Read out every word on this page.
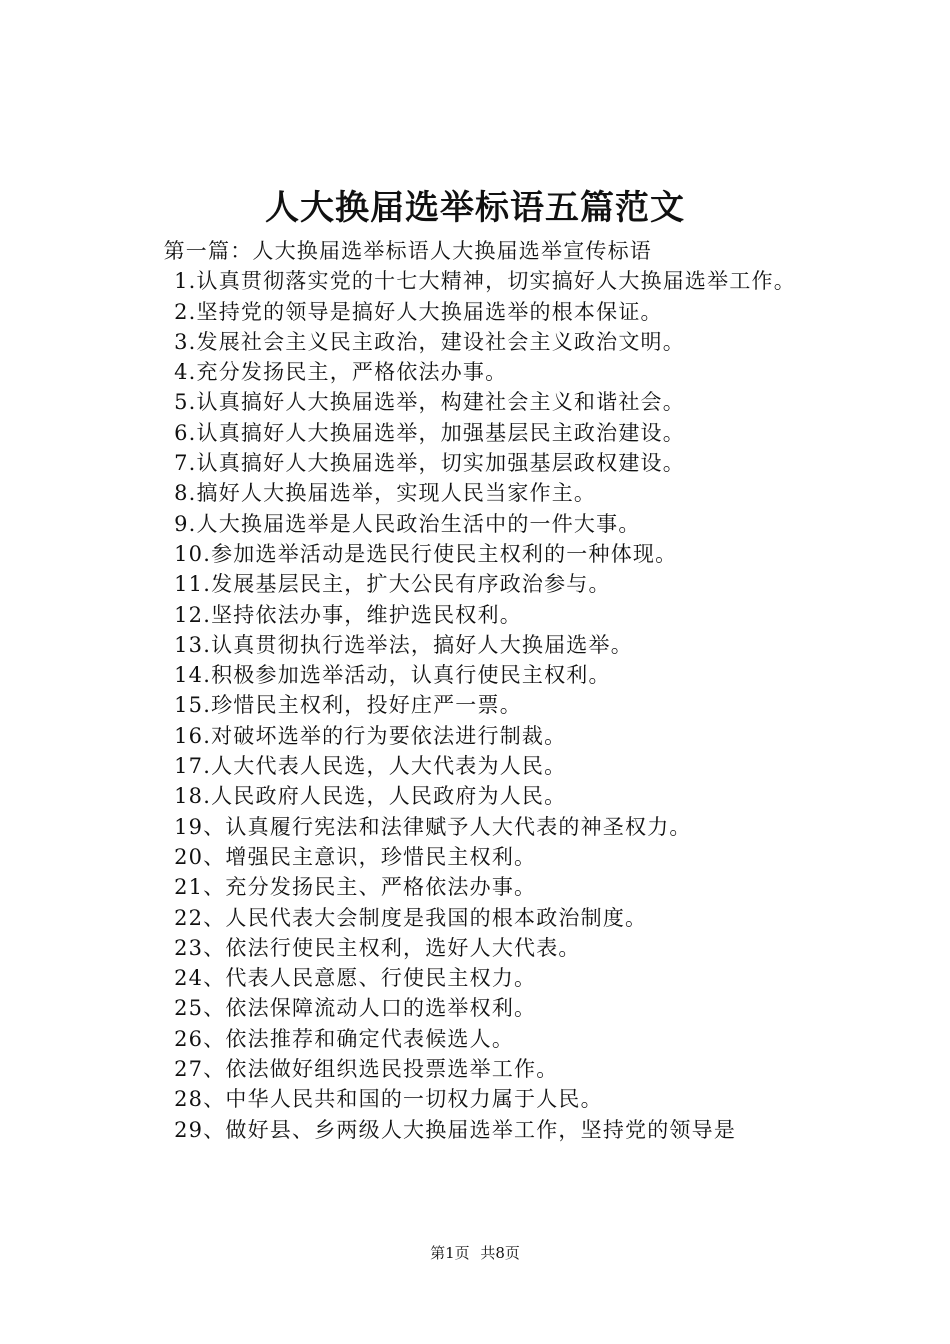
人大换届选举标语五篇范文

第一篇：人大换届选举标语人大换届选举宣传标语

1.认真贯彻落实党的十七大精神，切实搞好人大换届选举工作。

2.坚持党的领导是搞好人大换届选举的根本保证。

3.发展社会主义民主政治，建设社会主义政治文明。

4.充分发扬民主，严格依法办事。

5.认真搞好人大换届选举，构建社会主义和谐社会。

6.认真搞好人大换届选举，加强基层民主政治建设。

7.认真搞好人大换届选举，切实加强基层政权建设。

8.搞好人大换届选举，实现人民当家作主。

9.人大换届选举是人民政治生活中的一件大事。

10.参加选举活动是选民行使民主权利的一种体现。

11.发展基层民主，扩大公民有序政治参与。

12.坚持依法办事，维护选民权利。

13.认真贯彻执行选举法，搞好人大换届选举。

14.积极参加选举活动，认真行使民主权利。

15.珍惜民主权利，投好庄严一票。

16.对破坏选举的行为要依法进行制裁。

17.人大代表人民选，人大代表为人民。

18.人民政府人民选，人民政府为人民。

19、认真履行宪法和法律赋予人大代表的神圣权力。

20、增强民主意识，珍惜民主权利。

21、充分发扬民主、严格依法办事。

22、人民代表大会制度是我国的根本政治制度。

23、依法行使民主权利，选好人大代表。

24、代表人民意愿、行使民主权力。

25、依法保障流动人口的选举权利。

26、依法推荐和确定代表候选人。

27、依法做好组织选民投票选举工作。

28、中华人民共和国的一切权力属于人民。

29、做好县、乡两级人大换届选举工作，坚持党的领导是

第1页 共8页
